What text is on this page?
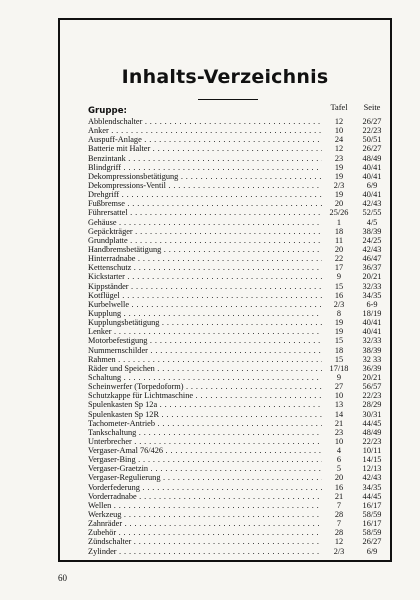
Inhalts-Verzeichnis
Gruppe:	Tafel	Seite
Abblendschalter . . .	12	26/27
Anker . . .	10	22/23
Auspuff-Anlage . . .	24	50/51
Batterie mit Halter . . .	12	26/27
Benzintank . . .	23	48/49
Blindgriff . . .	19	40/41
Dekompressionsbetätigung . . .	19	40/41
Dekompressions-Ventil . . .	2/3	6/9
Drehgriff . . .	19	40/41
Fußbremse . . .	20	42/43
Führersattel . . .	25/26	52/55
Gehäuse . . .	1	4/5
Gepäckträger . . .	18	38/39
Grundplatte . . .	11	24/25
Handbremsbetätigung . . .	20	42/43
Hinterradnabe . . .	22	46/47
Kettenschutz . . .	17	36/37
Kickstarter . . .	9	20/21
Kippständer . . .	15	32/33
Kotflügel . . .	16	34/35
Kurbelwelle . . .	2/3	6-9
Kupplung . . .	8	18/19
Kupplungsbetätigung . . .	19	40/41
Lenker . . .	19	40/41
Motorbefestigung . . .	15	32/33
Nummernschilder . . .	18	38/39
Rahmen . . .	15	32 33
Räder und Speichen . . .	17/18	36/39
Schaltung . . .	9	20/21
Scheinwerfer (Torpedoform) . . .	27	56/57
Schutzkappe für Lichtmaschine . . .	10	22/23
Spulenkasten Sp 12a . . .	13	28/29
Spulenkasten Sp 12R . . .	14	30/31
Tachometer-Antrieb . . .	21	44/45
Tankschaltung . . .	23	48/49
Unterbrecher . . .	10	22/23
Vergaser-Amal 76/426 . . .	4	10/11
Vergaser-Bing . . .	6	14/15
Vergaser-Graetzin . . .	5	12/13
Vergaser-Regulierung . . .	20	42/43
Vorderfederung . . .	16	34/35
Vorderradnabe . . .	21	44/45
Wellen . . .	7	16/17
Werkzeug . . .	28	58/59
Zahnräder . . .	7	16/17
Zubehör . . .	28	58/59
Zündschalter . . .	12	26/27
Zylinder . . .	2/3	6/9
60
